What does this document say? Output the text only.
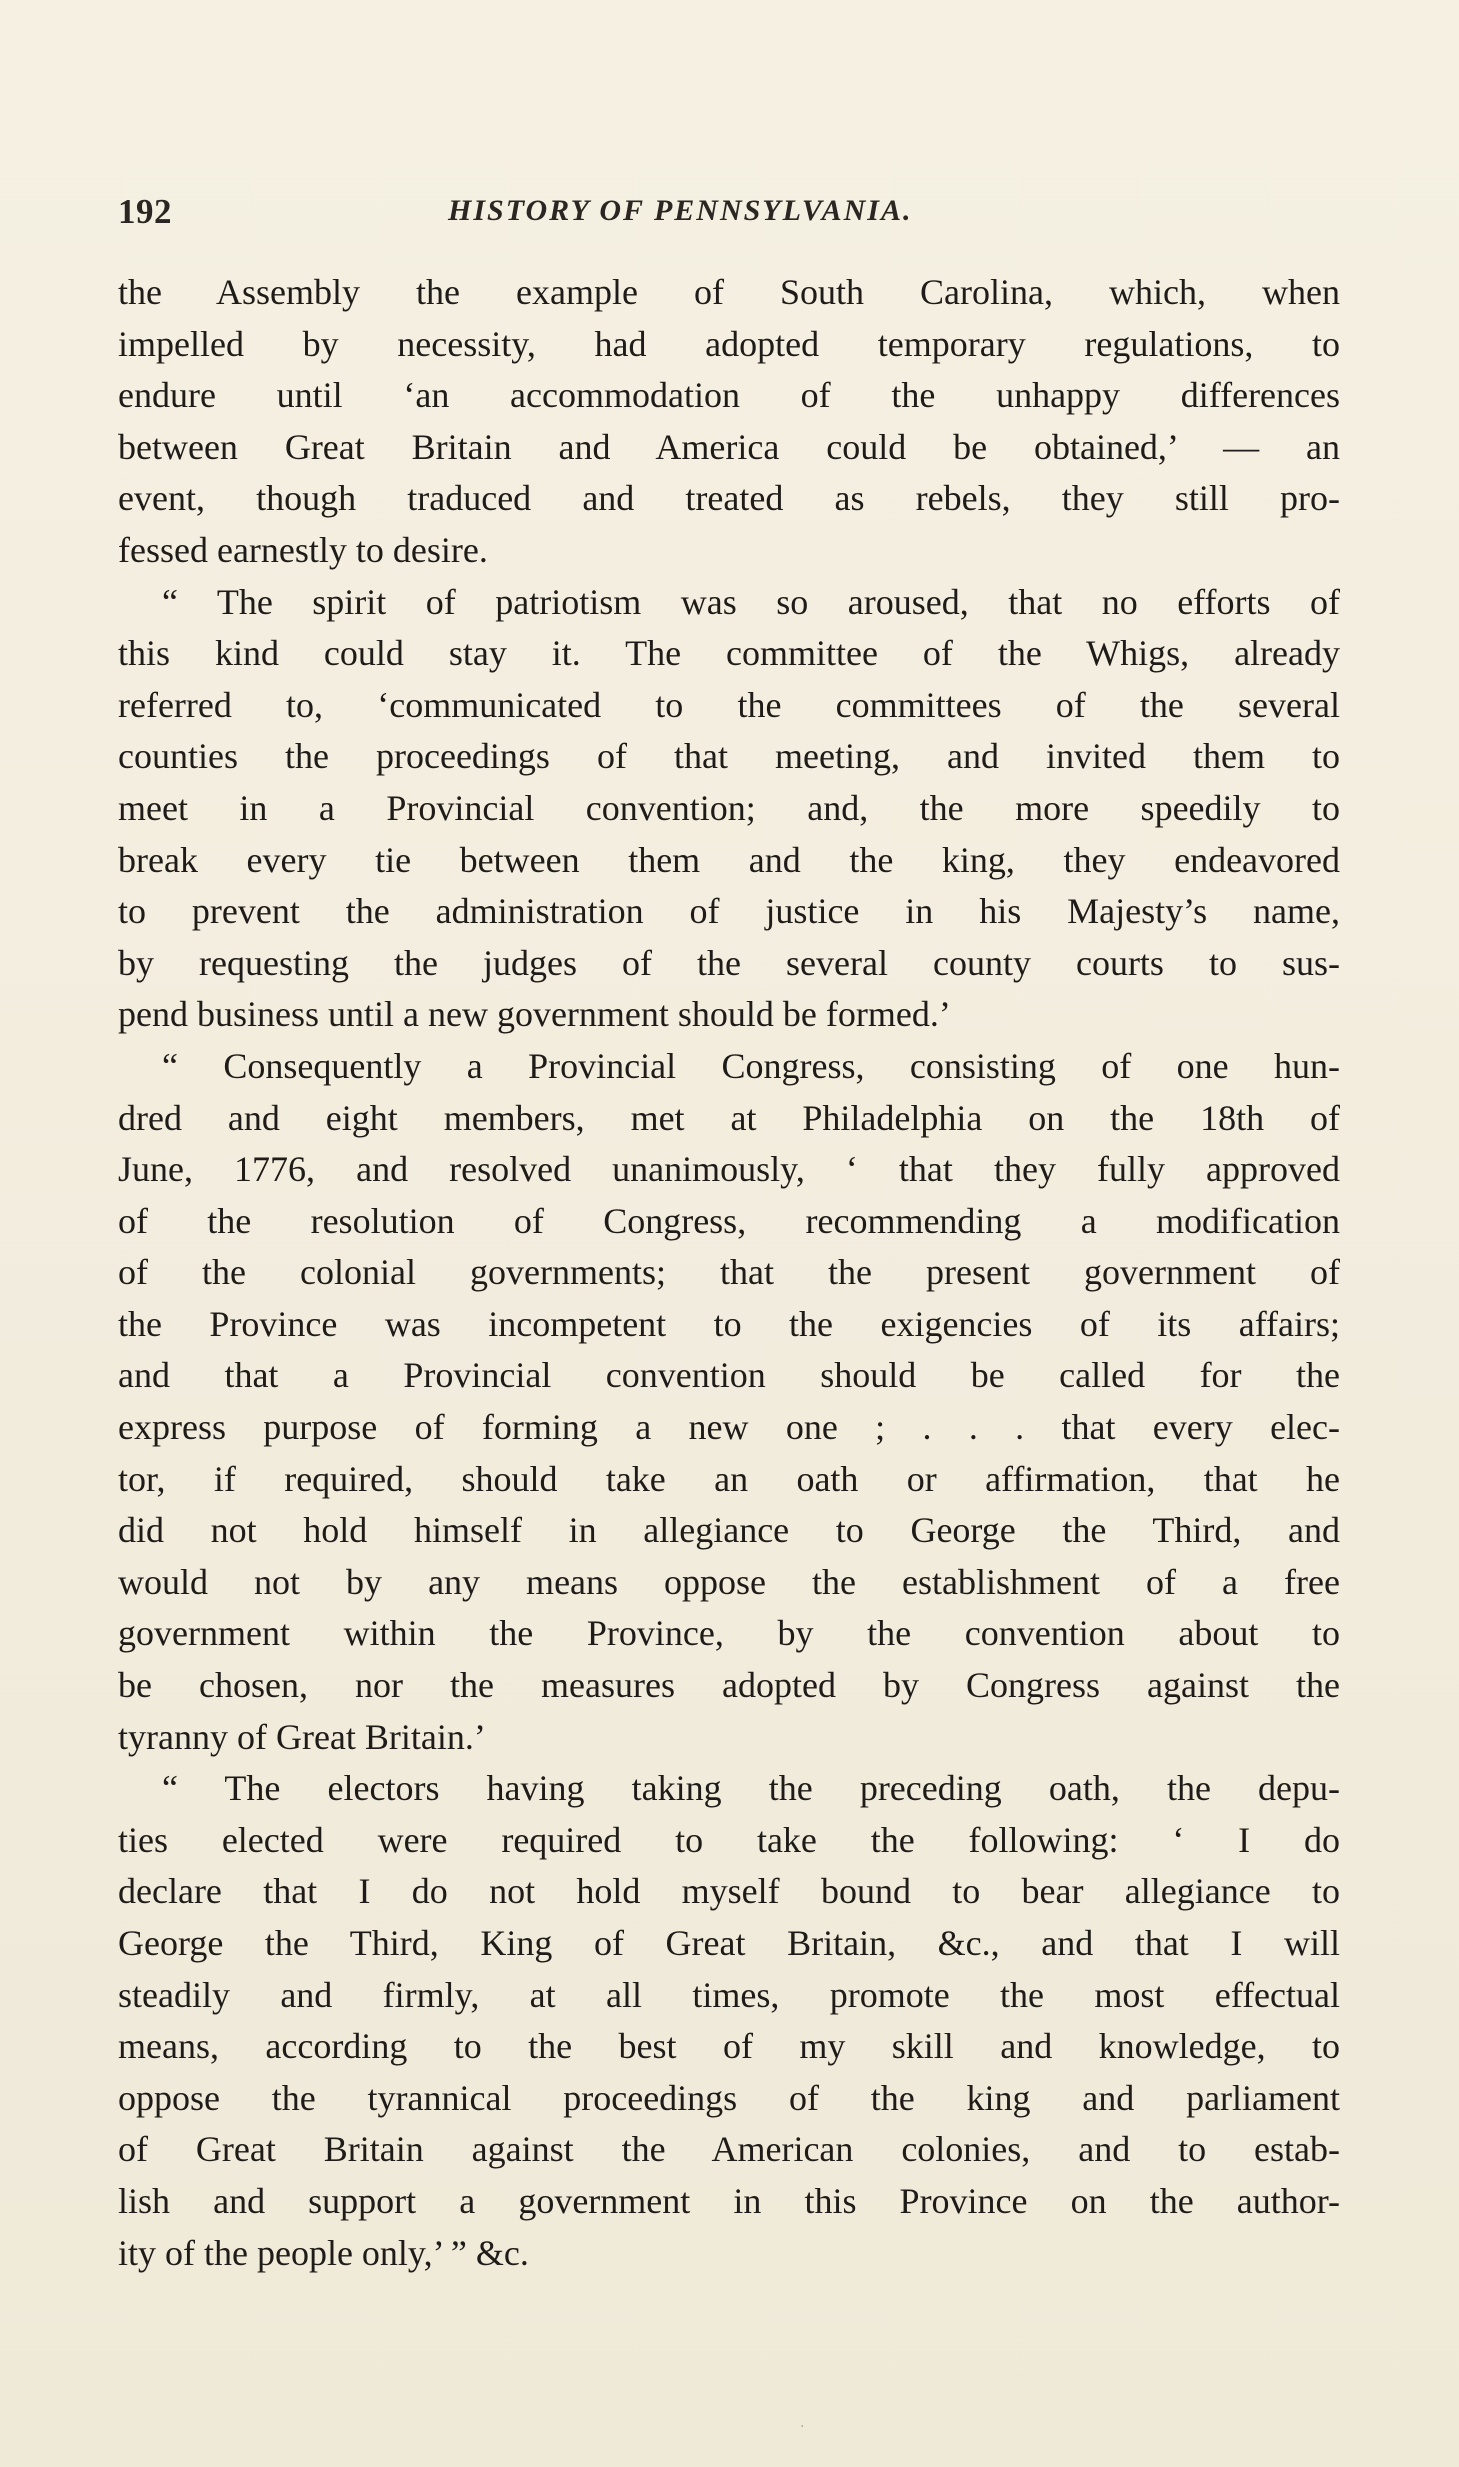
192	HISTORY OF PENNSYLVANIA.
the Assembly the example of South Carolina, which, when
impelled by necessity, had adopted temporary regulations, to
endure until ‘an accommodation of the unhappy differences
between Great Britain and America could be obtained,’ — an
event, though traduced and treated as rebels, they still pro-
fessed earnestly to desire.
“ The spirit of patriotism was so aroused, that no efforts of
this kind could stay it. The committee of the Whigs, already
referred to, ‘communicated to the committees of the several
counties the proceedings of that meeting, and invited them to
meet in a Provincial convention; and, the more speedily to
break every tie between them and the king, they endeavored
to prevent the administration of justice in his Majesty’s name,
by requesting the judges of the several county courts to sus-
pend business until a new government should be formed.’
“ Consequently a Provincial Congress, consisting of one hun-
dred and eight members, met at Philadelphia on the 18th of
June, 1776, and resolved unanimously, ‘ that they fully approved
of the resolution of Congress, recommending a modification
of the colonial governments; that the present government of
the Province was incompetent to the exigencies of its affairs;
and that a Provincial convention should be called for the
express purpose of forming a new one ; . . . that every elec-
tor, if required, should take an oath or affirmation, that he
did not hold himself in allegiance to George the Third, and
would not by any means oppose the establishment of a free
government within the Province, by the convention about to
be chosen, nor the measures adopted by Congress against the
tyranny of Great Britain.’
“ The electors having taking the preceding oath, the depu-
ties elected were required to take the following: ‘ I do
declare that I do not hold myself bound to bear allegiance to
George the Third, King of Great Britain, &c., and that I will
steadily and firmly, at all times, promote the most effectual
means, according to the best of my skill and knowledge, to
oppose the tyrannical proceedings of the king and parliament
of Great Britain against the American colonies, and to estab-
lish and support a government in this Province on the author-
ity of the people only,’ ” &c.
·
